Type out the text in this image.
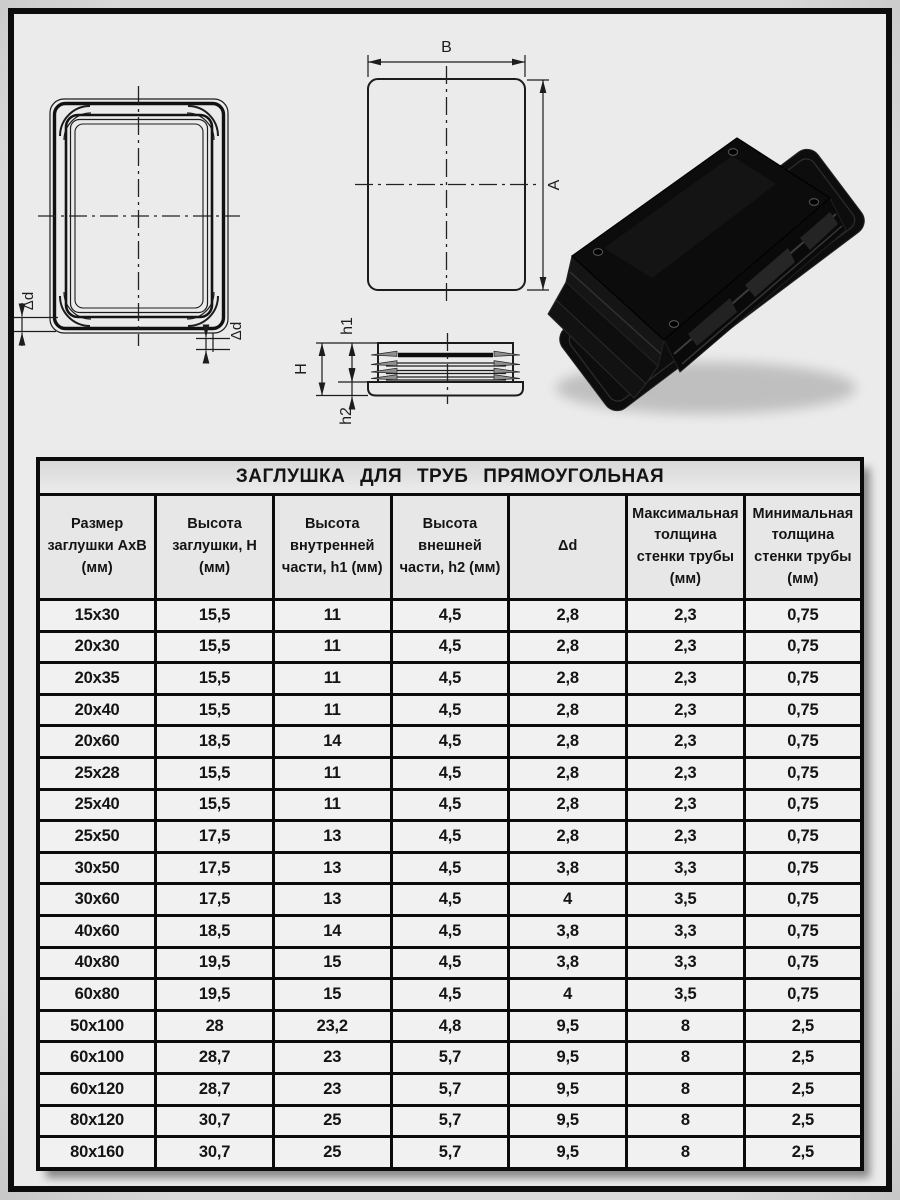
Δd
Δd
B
A
h1
H
h2
ЗАГЛУШКА ДЛЯ ТРУБ ПРЯМОУГОЛЬНАЯ						
Размер заглушки АхВ (мм)	Высота заглушки, Н (мм)	Высота внутренней части, h1 (мм)	Высота внешней части, h2 (мм)	Δd	Максимальная толщина стенки трубы (мм)	Минимальная толщина стенки трубы (мм)
15x30	15,5	11	4,5	2,8	2,3	0,75
20x30	15,5	11	4,5	2,8	2,3	0,75
20x35	15,5	11	4,5	2,8	2,3	0,75
20x40	15,5	11	4,5	2,8	2,3	0,75
20x60	18,5	14	4,5	2,8	2,3	0,75
25x28	15,5	11	4,5	2,8	2,3	0,75
25x40	15,5	11	4,5	2,8	2,3	0,75
25x50	17,5	13	4,5	2,8	2,3	0,75
30x50	17,5	13	4,5	3,8	3,3	0,75
30x60	17,5	13	4,5	4	3,5	0,75
40x60	18,5	14	4,5	3,8	3,3	0,75
40x80	19,5	15	4,5	3,8	3,3	0,75
60x80	19,5	15	4,5	4	3,5	0,75
50x100	28	23,2	4,8	9,5	8	2,5
60x100	28,7	23	5,7	9,5	8	2,5
60x120	28,7	23	5,7	9,5	8	2,5
80x120	30,7	25	5,7	9,5	8	2,5
80x160	30,7	25	5,7	9,5	8	2,5
